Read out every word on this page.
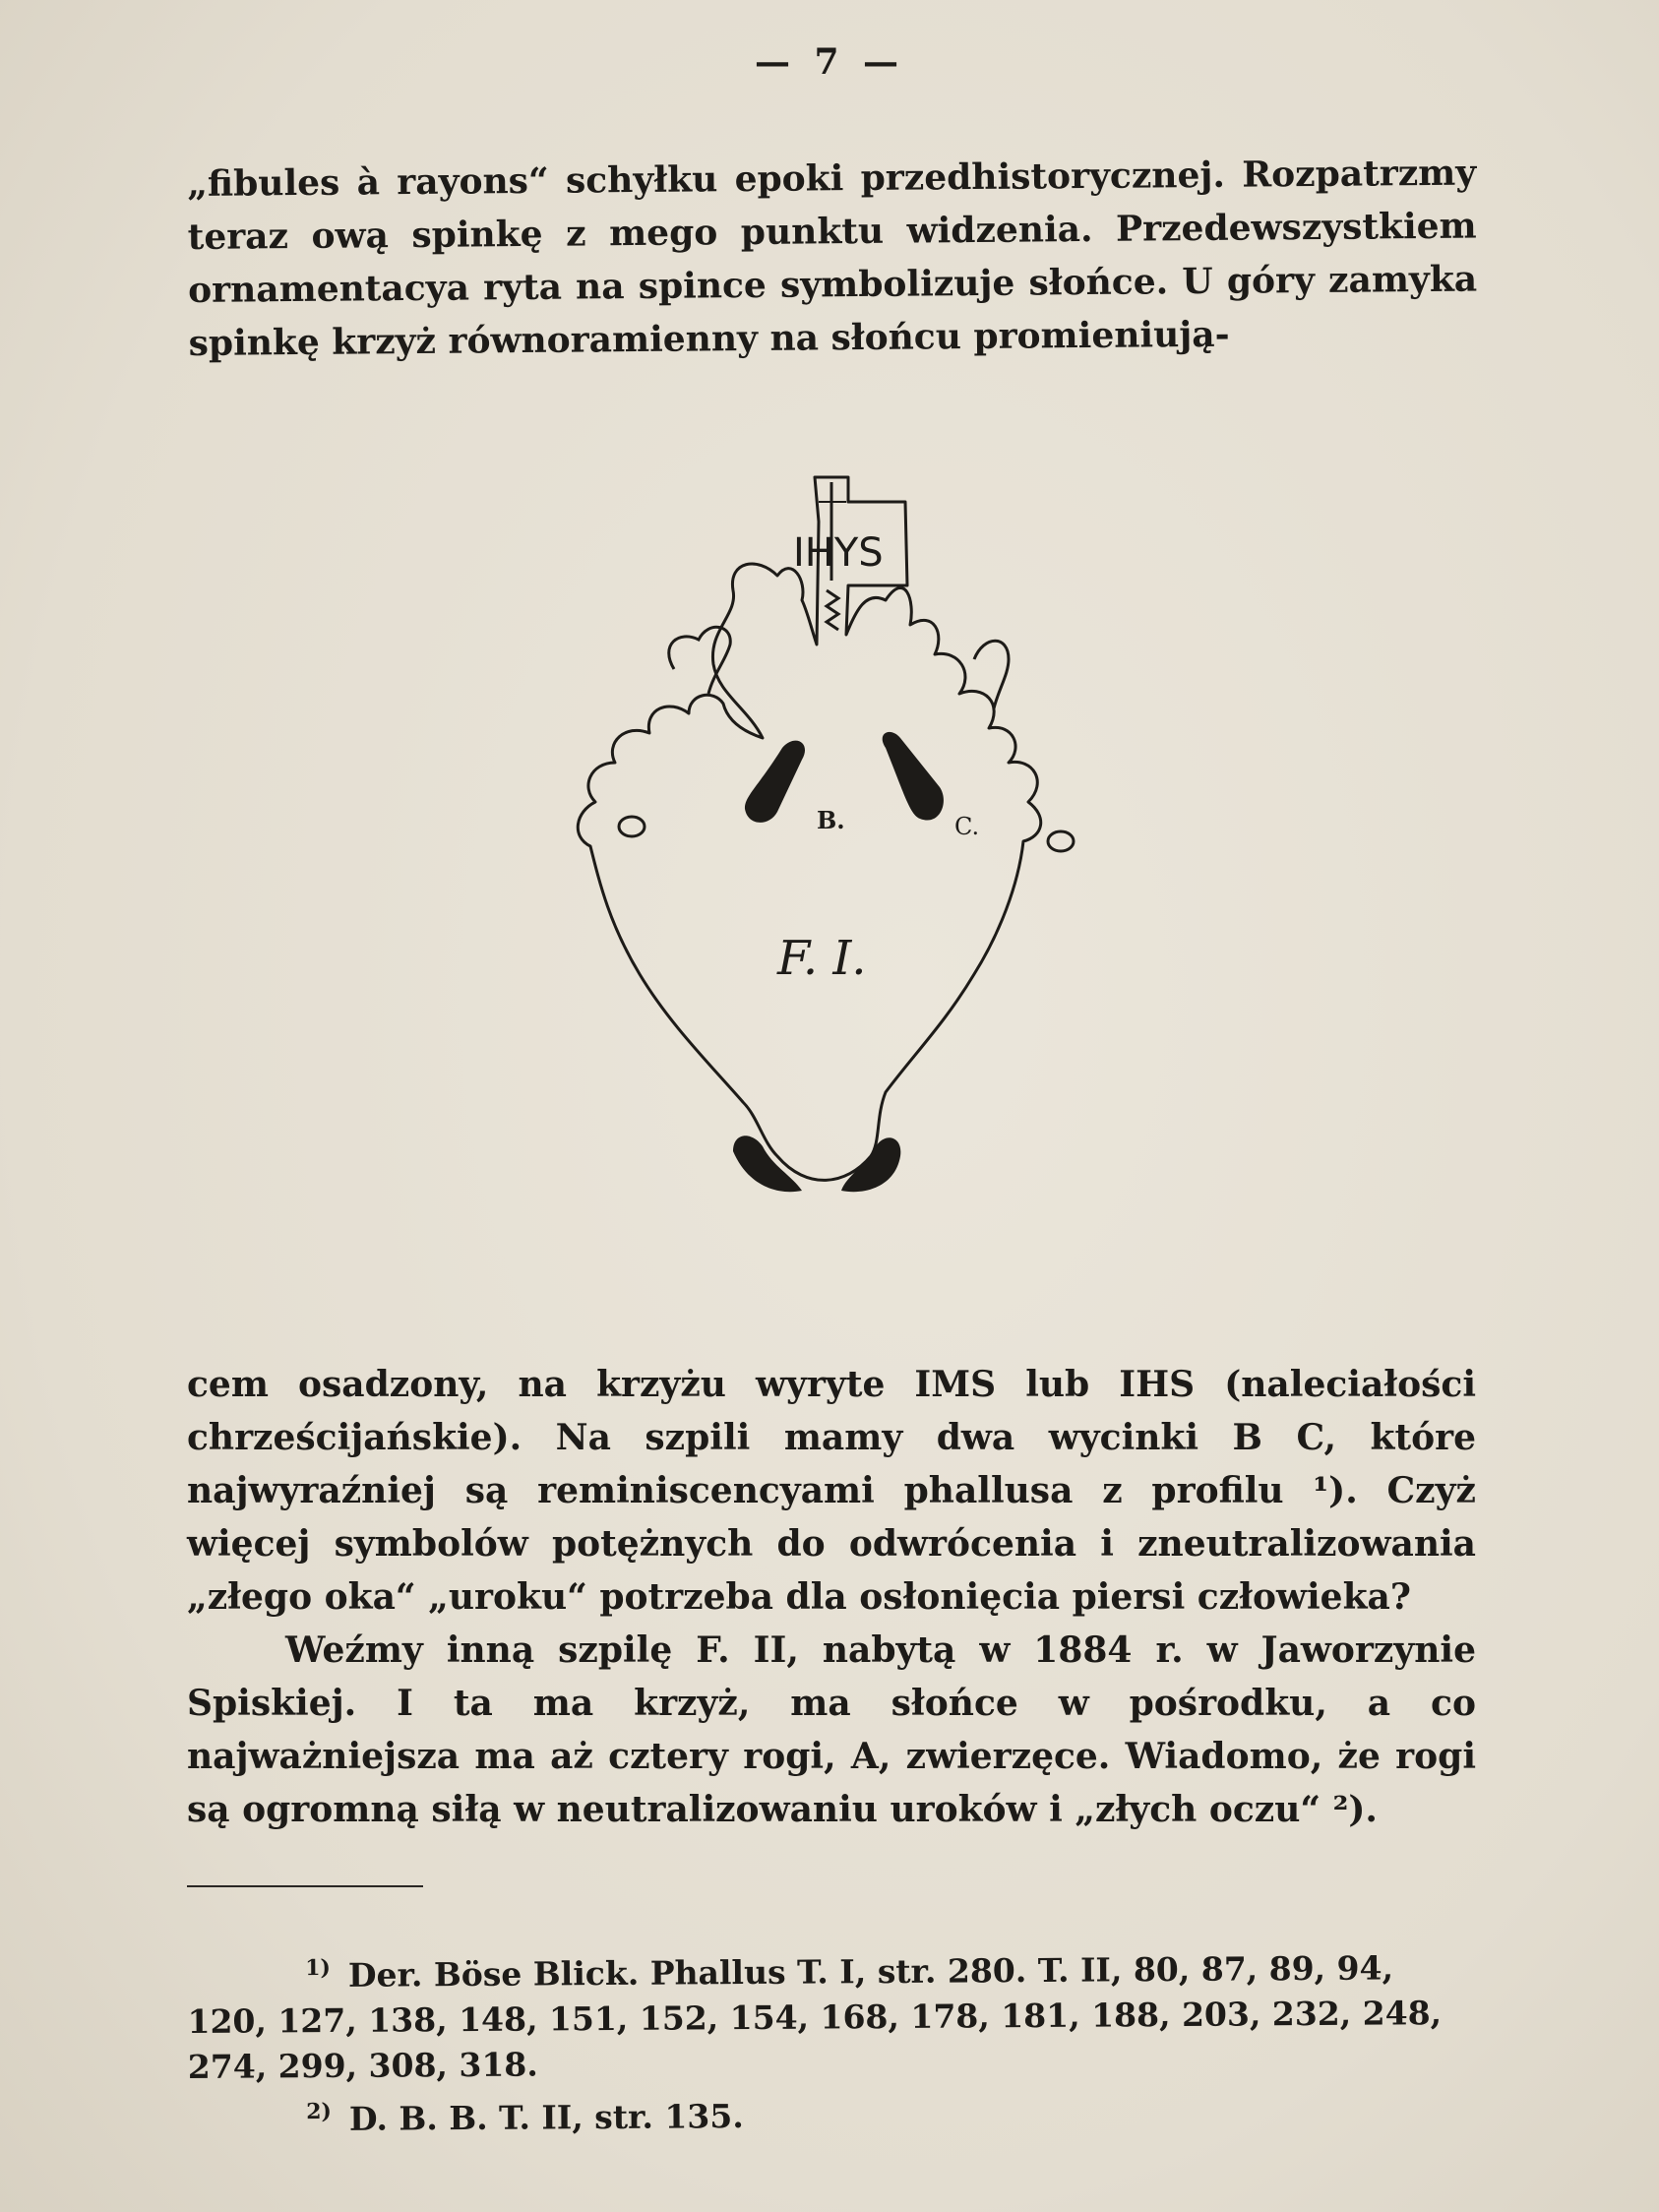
— 7 —

„fibules à rayons“ schyłku epoki przedhistorycznej. Rozpatrzmy teraz ową spinkę z mego punktu widzenia. Przedewszystkiem ornamentacya ryta na spince symbolizuje słońce. U góry zamyka spinkę krzyż równoramienny na słońcu promieniują-

IHYS
B.	C.
F. I.

cem osadzony, na krzyżu wyryte IMS lub IHS (naleciałości chrześcijańskie). Na szpili mamy dwa wycinki B C, które najwyraźniej są reminiscencyami phallusa z profilu ¹). Czyż więcej symbolów potężnych do odwrócenia i zneutralizowania „złego oka“ „uroku“ potrzeba dla osłonięcia piersi człowieka?

Weźmy inną szpilę F. II, nabytą w 1884 r. w Jaworzynie Spiskiej. I ta ma krzyż, ma słońce w pośrodku, a co najważniejsza ma aż cztery rogi, A, zwierzęce. Wiadomo, że rogi są ogromną siłą w neutralizowaniu uroków i „złych oczu“ ²).

$^{1)}$ Der. Böse Blick. Phallus T. I, str. 280. T. II, 80, 87, 89, 94, 120, 127, 138, 148, 151, 152, 154, 168, 178, 181, 188, 203, 232, 248, 274, 299, 308, 318.

$^{2)}$ D. B. B. T. II, str. 135.
